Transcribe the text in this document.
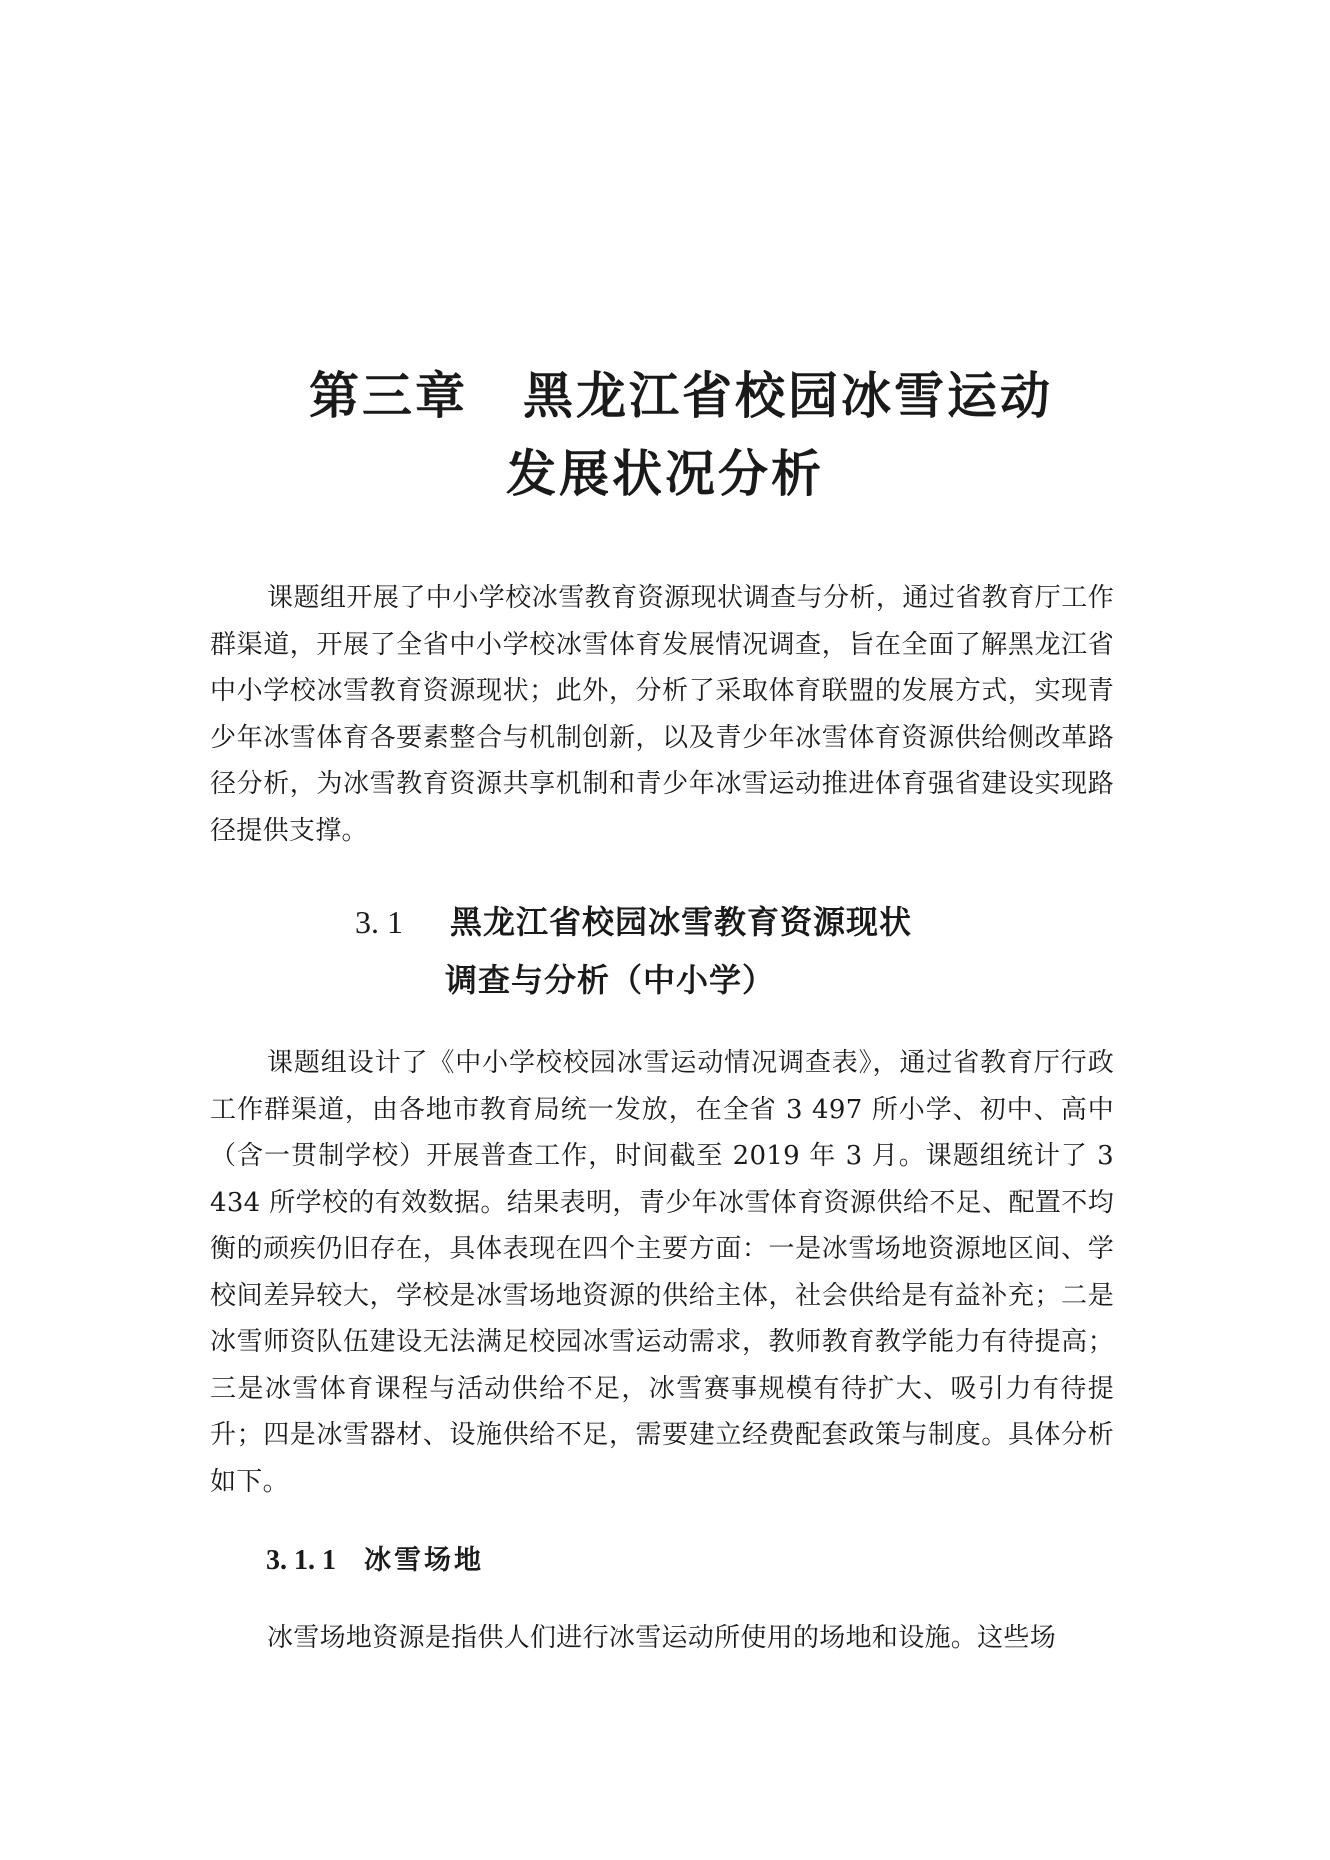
第三章 黑龙江省校园冰雪运动
发展状况分析

课题组开展了中小学校冰雪教育资源现状调查与分析，通过省教育厅工作群渠道，开展了全省中小学校冰雪体育发展情况调查，旨在全面了解黑龙江省中小学校冰雪教育资源现状；此外，分析了采取体育联盟的发展方式，实现青少年冰雪体育各要素整合与机制创新，以及青少年冰雪体育资源供给侧改革路径分析，为冰雪教育资源共享机制和青少年冰雪运动推进体育强省建设实现路径提供支撑。

3. 1 黑龙江省校园冰雪教育资源现状
调查与分析（中小学）

课题组设计了《中小学校校园冰雪运动情况调查表》，通过省教育厅行政工作群渠道，由各地市教育局统一发放，在全省 3 497 所小学、初中、高中（含一贯制学校）开展普查工作，时间截至 2019 年 3 月。课题组统计了 3 434 所学校的有效数据。结果表明，青少年冰雪体育资源供给不足、配置不均衡的顽疾仍旧存在，具体表现在四个主要方面：一是冰雪场地资源地区间、学校间差异较大，学校是冰雪场地资源的供给主体，社会供给是有益补充；二是冰雪师资队伍建设无法满足校园冰雪运动需求，教师教育教学能力有待提高；三是冰雪体育课程与活动供给不足，冰雪赛事规模有待扩大、吸引力有待提升；四是冰雪器材、设施供给不足，需要建立经费配套政策与制度。具体分析如下。

3. 1. 1 冰雪场地

冰雪场地资源是指供人们进行冰雪运动所使用的场地和设施。这些场
